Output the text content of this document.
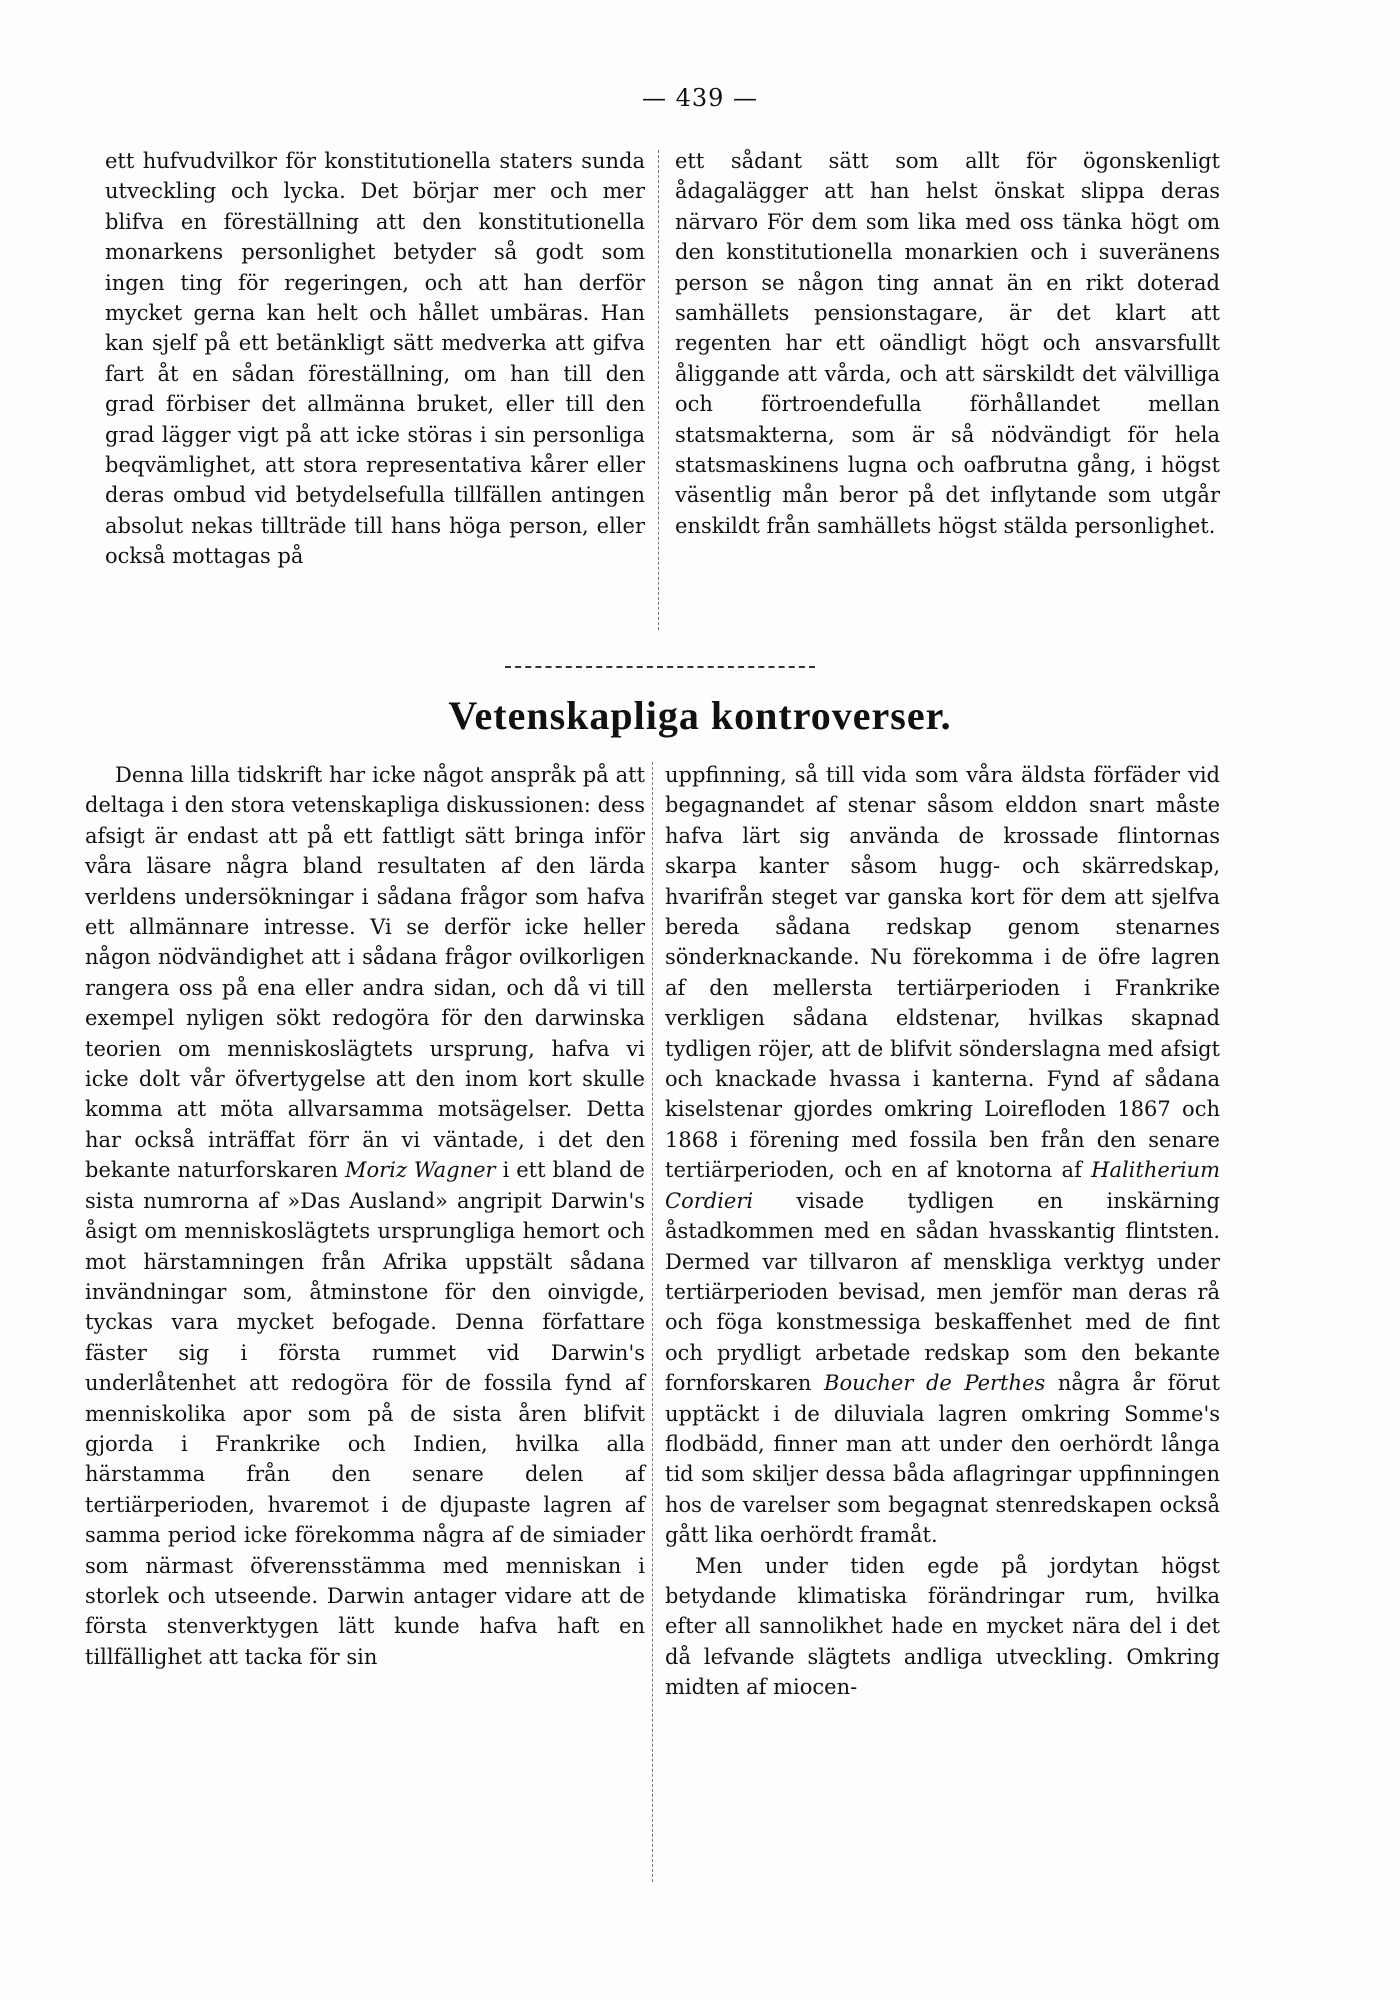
— 439 —

ett hufvudvilkor för konstitutionella staters sunda utveckling och lycka. Det börjar mer och mer blifva en föreställning att den konstitutionella monarkens personlighet betyder så godt som ingen ting för regeringen, och att han derför mycket gerna kan helt och hållet umbäras. Han kan sjelf på ett betänkligt sätt medverka att gifva fart åt en sådan föreställning, om han till den grad förbiser det allmänna bruket, eller till den grad lägger vigt på att icke störas i sin personliga beqvämlighet, att stora representativa kårer eller deras ombud vid betydelsefulla tillfällen antingen absolut nekas tillträde till hans höga person, eller också mottagas på

ett sådant sätt som allt för ögonskenligt ådagalägger att han helst önskat slippa deras närvaro För dem som lika med oss tänka högt om den konstitutionella monarkien och i suveränens person se någon ting annat än en rikt doterad samhällets pensionstagare, är det klart att regenten har ett oändligt högt och ansvarsfullt åliggande att vårda, och att särskildt det välvilliga och förtroendefulla förhållandet mellan statsmakterna, som är så nödvändigt för hela statsmaskinens lugna och oafbrutna gång, i högst väsentlig mån beror på det inflytande som utgår enskildt från samhällets högst stälda personlighet.

Vetenskapliga kontroverser.

Denna lilla tidskrift har icke något anspråk på att deltaga i den stora vetenskapliga diskussionen: dess afsigt är endast att på ett fattligt sätt bringa inför våra läsare några bland resultaten af den lärda verldens undersökningar i sådana frågor som hafva ett allmännare intresse. Vi se derför icke heller någon nödvändighet att i sådana frågor ovilkorligen rangera oss på ena eller andra sidan, och då vi till exempel nyligen sökt redogöra för den darwinska teorien om menniskoslägtets ursprung, hafva vi icke dolt vår öfvertygelse att den inom kort skulle komma att möta allvarsamma motsägelser. Detta har också inträffat förr än vi väntade, i det den bekante naturforskaren Moriz Wagner i ett bland de sista numrorna af »Das Ausland» angripit Darwin's åsigt om menniskoslägtets ursprungliga hemort och mot härstamningen från Afrika uppstält sådana invändningar som, åtminstone för den oinvigde, tyckas vara mycket befogade. Denna författare fäster sig i första rummet vid Darwin's underlåtenhet att redogöra för de fossila fynd af menniskolika apor som på de sista åren blifvit gjorda i Frankrike och Indien, hvilka alla härstamma från den senare delen af tertiärperioden, hvaremot i de djupaste lagren af samma period icke förekomma några af de simiader som närmast öfverensstämma med menniskan i storlek och utseende. Darwin antager vidare att de första stenverktygen lätt kunde hafva haft en tillfällighet att tacka för sin

uppfinning, så till vida som våra äldsta förfäder vid begagnandet af stenar såsom elddon snart måste hafva lärt sig använda de krossade flintornas skarpa kanter såsom hugg- och skärredskap, hvarifrån steget var ganska kort för dem att sjelfva bereda sådana redskap genom stenarnes sönderknackande. Nu förekomma i de öfre lagren af den mellersta tertiärperioden i Frankrike verkligen sådana eldstenar, hvilkas skapnad tydligen röjer, att de blifvit sönderslagna med afsigt och knackade hvassa i kanterna. Fynd af sådana kiselstenar gjordes omkring Loirefloden 1867 och 1868 i förening med fossila ben från den senare tertiärperioden, och en af knotorna af Halitherium Cordieri visade tydligen en inskärning åstadkommen med en sådan hvasskantig flintsten. Dermed var tillvaron af menskliga verktyg under tertiärperioden bevisad, men jemför man deras rå och föga konstmessiga beskaffenhet med de fint och prydligt arbetade redskap som den bekante fornforskaren Boucher de Perthes några år förut upptäckt i de diluviala lagren omkring Somme's flodbädd, finner man att under den oerhördt långa tid som skiljer dessa båda aflagringar uppfinningen hos de varelser som begagnat stenredskapen också gått lika oerhördt framåt.

Men under tiden egde på jordytan högst betydande klimatiska förändringar rum, hvilka efter all sannolikhet hade en mycket nära del i det då lefvande slägtets andliga utveckling. Omkring midten af miocen-
